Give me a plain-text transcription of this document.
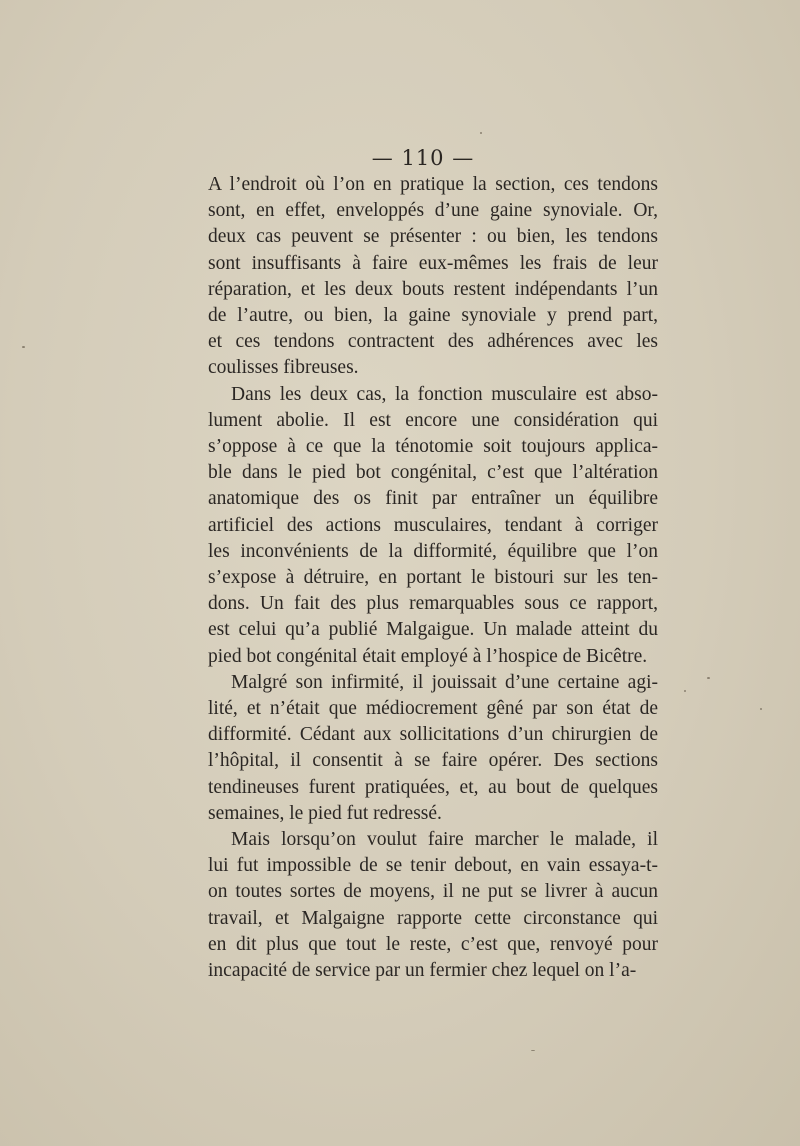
— 110 —
A l’endroit où l’on en pratique la section, ces tendons
sont, en effet, enveloppés d’une gaine synoviale. Or,
deux cas peuvent se présenter : ou bien, les tendons
sont insuffisants à faire eux-mêmes les frais de leur
réparation, et les deux bouts restent indépendants l’un
de l’autre, ou bien, la gaine synoviale y prend part,
et ces tendons contractent des adhérences avec les
coulisses fibreuses.
Dans les deux cas, la fonction musculaire est abso-
lument abolie. Il est encore une considération qui
s’oppose à ce que la ténotomie soit toujours applica-
ble dans le pied bot congénital, c’est que l’altération
anatomique des os finit par entraîner un équilibre
artificiel des actions musculaires, tendant à corriger
les inconvénients de la difformité, équilibre que l’on
s’expose à détruire, en portant le bistouri sur les ten-
dons. Un fait des plus remarquables sous ce rapport,
est celui qu’a publié Malgaigue. Un malade atteint du
pied bot congénital était employé à l’hospice de Bicêtre.
Malgré son infirmité, il jouissait d’une certaine agi-
lité, et n’était que médiocrement gêné par son état de
difformité. Cédant aux sollicitations d’un chirurgien de
l’hôpital, il consentit à se faire opérer. Des sections
tendineuses furent pratiquées, et, au bout de quelques
semaines, le pied fut redressé.
Mais lorsqu’on voulut faire marcher le malade, il
lui fut impossible de se tenir debout, en vain essaya-t-
on toutes sortes de moyens, il ne put se livrer à aucun
travail, et Malgaigne rapporte cette circonstance qui
en dit plus que tout le reste, c’est que, renvoyé pour
incapacité de service par un fermier chez lequel on l’a-
